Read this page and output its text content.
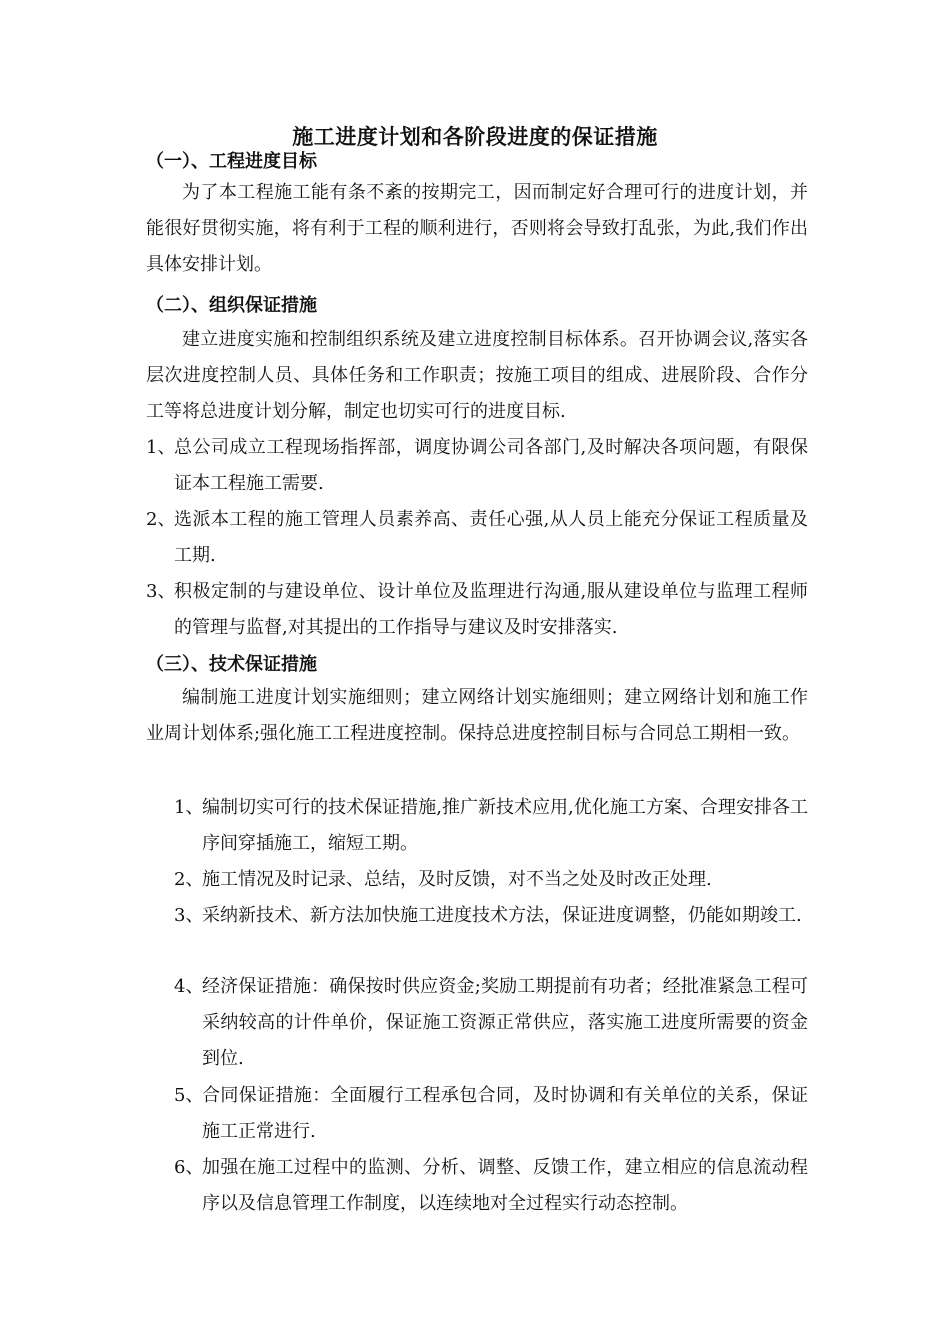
施工进度计划和各阶段进度的保证措施
（一）、工程进度目标

为了本工程施工能有条不紊的按期完工，因而制定好合理可行的进度计划，并能很好贯彻实施，将有利于工程的顺利进行，否则将会导致打乱张，为此,我们作出具体安排计划。

（二）、组织保证措施

建立进度实施和控制组织系统及建立进度控制目标体系。召开协调会议,落实各层次进度控制人员、具体任务和工作职责；按施工项目的组成、进展阶段、合作分工等将总进度计划分解，制定也切实可行的进度目标.

1、
总公司成立工程现场指挥部，调度协调公司各部门,及时解决各项问题，有限保证本工程施工需要.
2、
选派本工程的施工管理人员素养高、责任心强,从人员上能充分保证工程质量及工期.
3、
积极定制的与建设单位、设计单位及监理进行沟通,服从建设单位与监理工程师的管理与监督,对其提出的工作指导与建议及时安排落实.
（三）、技术保证措施

编制施工进度计划实施细则；建立网络计划实施细则；建立网络计划和施工作业周计划体系;强化施工工程进度控制。保持总进度控制目标与合同总工期相一致。

1、
编制切实可行的技术保证措施,推广新技术应用,优化施工方案、合理安排各工序间穿插施工，缩短工期。
2、
施工情况及时记录、总结，及时反馈，对不当之处及时改正处理.
3、
采纳新技术、新方法加快施工进度技术方法，保证进度调整，仍能如期竣工.
4、
经济保证措施：确保按时供应资金;奖励工期提前有功者；经批准紧急工程可采纳较高的计件单价，保证施工资源正常供应，落实施工进度所需要的资金到位.
5、
合同保证措施：全面履行工程承包合同，及时协调和有关单位的关系，保证施工正常进行.
6、
加强在施工过程中的监测、分析、调整、反馈工作，建立相应的信息流动程序以及信息管理工作制度，以连续地对全过程实行动态控制。
